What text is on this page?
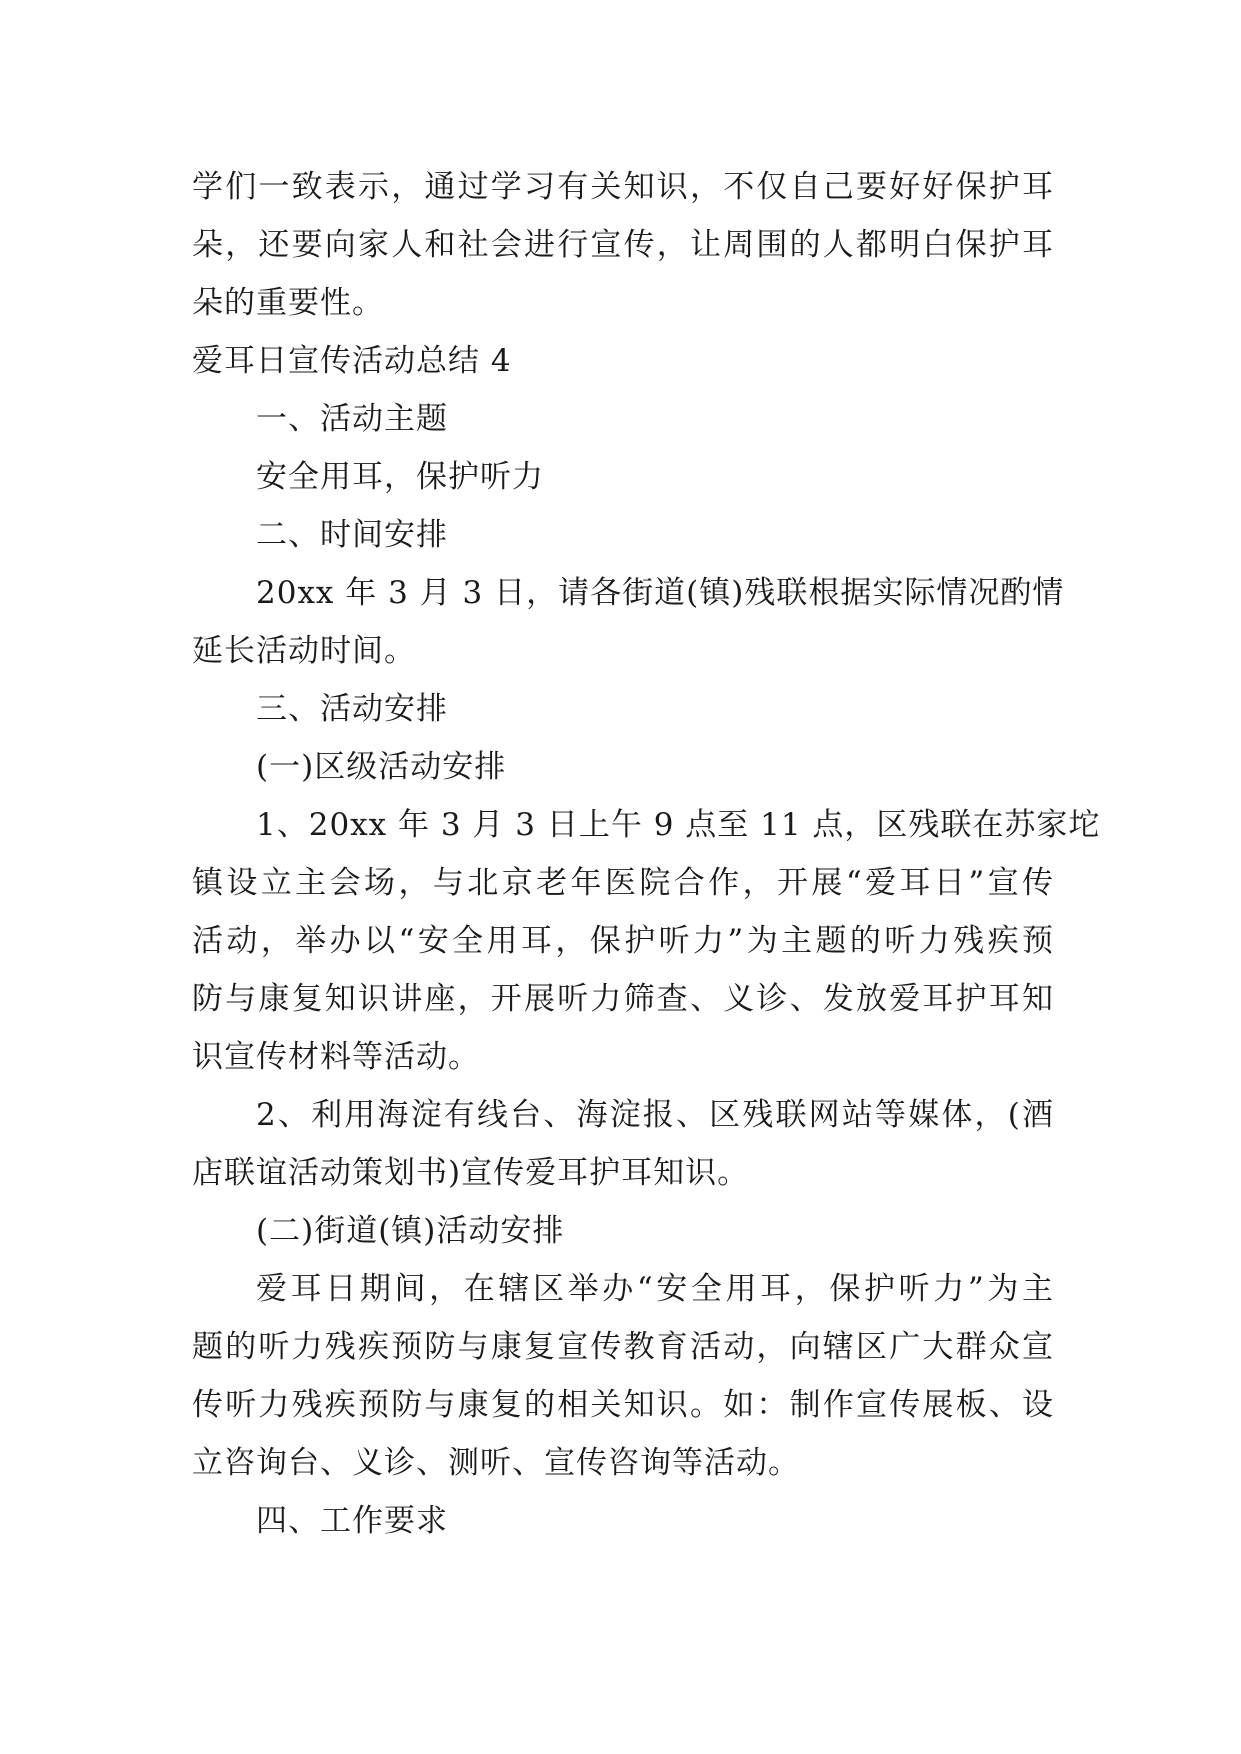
学们一致表示，通过学习有关知识，不仅自己要好好保护耳
朵，还要向家人和社会进行宣传，让周围的人都明白保护耳
朵的重要性。
爱耳日宣传活动总结 4
一、活动主题
安全用耳，保护听力
二、时间安排
20xx 年 3 月 3 日，请各街道(镇)残联根据实际情况酌情
延长活动时间。
三、活动安排
(一)区级活动安排
1、20xx 年 3 月 3 日上午 9 点至 11 点，区残联在苏家坨
镇设立主会场，与北京老年医院合作，开展“爱耳日”宣传
活动，举办以“安全用耳，保护听力”为主题的听力残疾预
防与康复知识讲座，开展听力筛查、义诊、发放爱耳护耳知
识宣传材料等活动。
2、利用海淀有线台、海淀报、区残联网站等媒体，(酒
店联谊活动策划书)宣传爱耳护耳知识。
(二)街道(镇)活动安排
爱耳日期间，在辖区举办“安全用耳，保护听力”为主
题的听力残疾预防与康复宣传教育活动，向辖区广大群众宣
传听力残疾预防与康复的相关知识。如：制作宣传展板、设
立咨询台、义诊、测听、宣传咨询等活动。
四、工作要求
